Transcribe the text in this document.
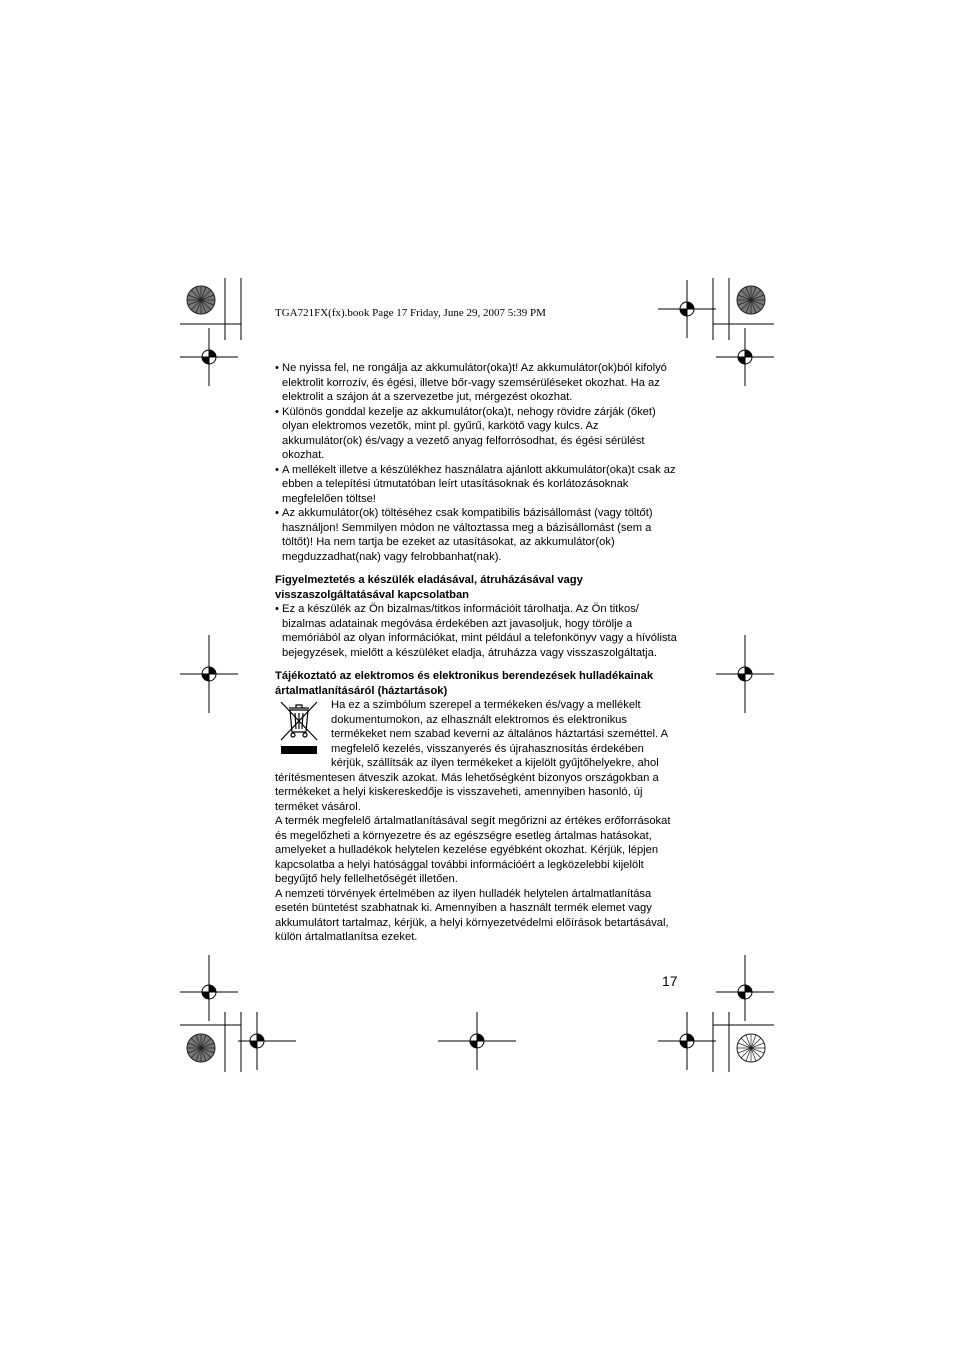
TGA721FX(fx).book Page 17 Friday, June 29, 2007 5:39 PM
• Ne nyissa fel, ne rongálja az akkumulátor(oka)t! Az akkumulátor(ok)ból kifolyó elektrolit korrozív, és égési, illetve bőr-vagy szemsérüléseket okozhat. Ha az elektrolit a szájon át a szervezetbe jut, mérgezést okozhat.
• Különös gonddal kezelje az akkumulátor(oka)t, nehogy rövidre zárják (őket) olyan elektromos vezetők, mint pl. gyűrű, karkötő vagy kulcs. Az akkumulátor(ok) és/vagy a vezető anyag felforrósodhat, és égési sérülést okozhat.
• A mellékelt illetve a készülékhez használatra ajánlott akkumulátor(oka)t csak az ebben a telepítési útmutatóban leírt utasításoknak és korlátozásoknak megfelelően töltse!
• Az akkumulátor(ok) töltéséhez csak kompatibilis bázisállomást (vagy töltőt) használjon! Semmilyen módon ne változtassa meg a bázisállomást (sem a töltőt)! Ha nem tartja be ezeket az utasításokat, az akkumulátor(ok) megduzzadhat(nak) vagy felrobbanhat(nak).
Figyelmeztetés a készülék eladásával, átruházásával vagy visszaszolgáltatásával kapcsolatban
• Ez a készülék az Ön bizalmas/titkos információit tárolhatja. Az Ön titkos/ bizalmas adatainak megóvása érdekében azt javasoljuk, hogy törölje a memóriából az olyan információkat, mint például a telefonkönyv vagy a hívólista bejegyzések, mielőtt a készüléket eladja, átruházza vagy visszaszolgáltatja.
Tájékoztató az elektromos és elektronikus berendezések hulladékainak ártalmatlanításáról (háztartások)

Ha ez a szimbólum szerepel a termékeken és/vagy a mellékelt dokumentumokon, az elhasznált elektromos és elektronikus termékeket nem szabad keverni az általános háztartási szeméttel. A megfelelő kezelés, visszanyerés és újrahasznosítás érdekében kérjük, szállítsák az ilyen termékeket a kijelölt gyűjtőhelyekre, ahol térítésmentesen átveszik azokat. Más lehetőségként bizonyos országokban a termékeket a helyi kiskereskedője is visszaveheti, amennyiben hasonló, új terméket vásárol.

A termék megfelelő ártalmatlanításával segít megőrizni az értékes erőforrásokat és megelőzheti a környezetre és az egészségre esetleg ártalmas hatásokat, amelyeket a hulladékok helytelen kezelése egyébként okozhat. Kérjük, lépjen kapcsolatba a helyi hatósággal további információért a legközelebbi kijelölt begyűjtő hely fellelhetőségét illetően.

A nemzeti törvények értelmében az ilyen hulladék helytelen ártalmatlanítása esetén büntetést szabhatnak ki. Amennyiben a használt termék elemet vagy akkumulátort tartalmaz, kérjük, a helyi környezetvédelmi előírások betartásával, külön ártalmatlanítsa ezeket.

17
